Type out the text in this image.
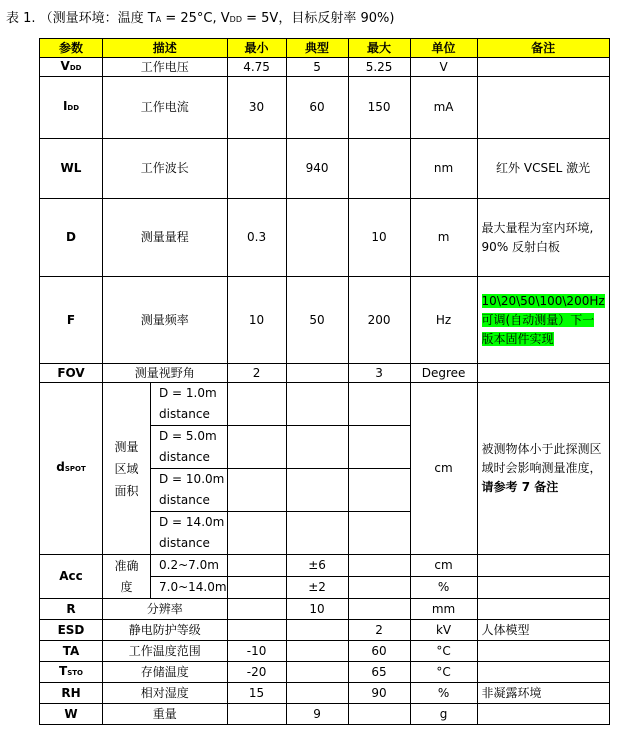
表 1. （测量环境：温度 TA = 25°C, VDD = 5V，目标反射率 90%)
参数	描述		最小	典型	最大	单位	备注
VDD	工作电压		4.75	5	5.25	V	
IDD	工作电流		30	60	150	mA	
WL	工作波长			940		nm	红外 VCSEL 激光
D	测量量程		0.3		10	m	最大量程为室内环境, 90% 反射白板
F	测量频率		10	50	200	Hz	10\20\50\100\200Hz 可调(自动测量）下一版本固件实现
FOV	测量视野角		2		3	Degree	
dSPOT	测量区域面积	D = 1.0m distance				cm	被测物体小于此探测区域时会影响测量准度，请参考 7 备注
		D = 5.0m distance					
		D = 10.0m distance					
		D = 14.0m distance					
Acc	准确度	0.2~7.0m		±6		cm	
		7.0~14.0m		±2		%	
R	分辨率			10		mm	
ESD	静电防护等级				2	kV	人体模型
TA	工作温度范围		-10		60	°C	
TSTO	存储温度		-20		65	°C	
RH	相对湿度		15		90	%	非凝露环境
W	重量			9		g	
